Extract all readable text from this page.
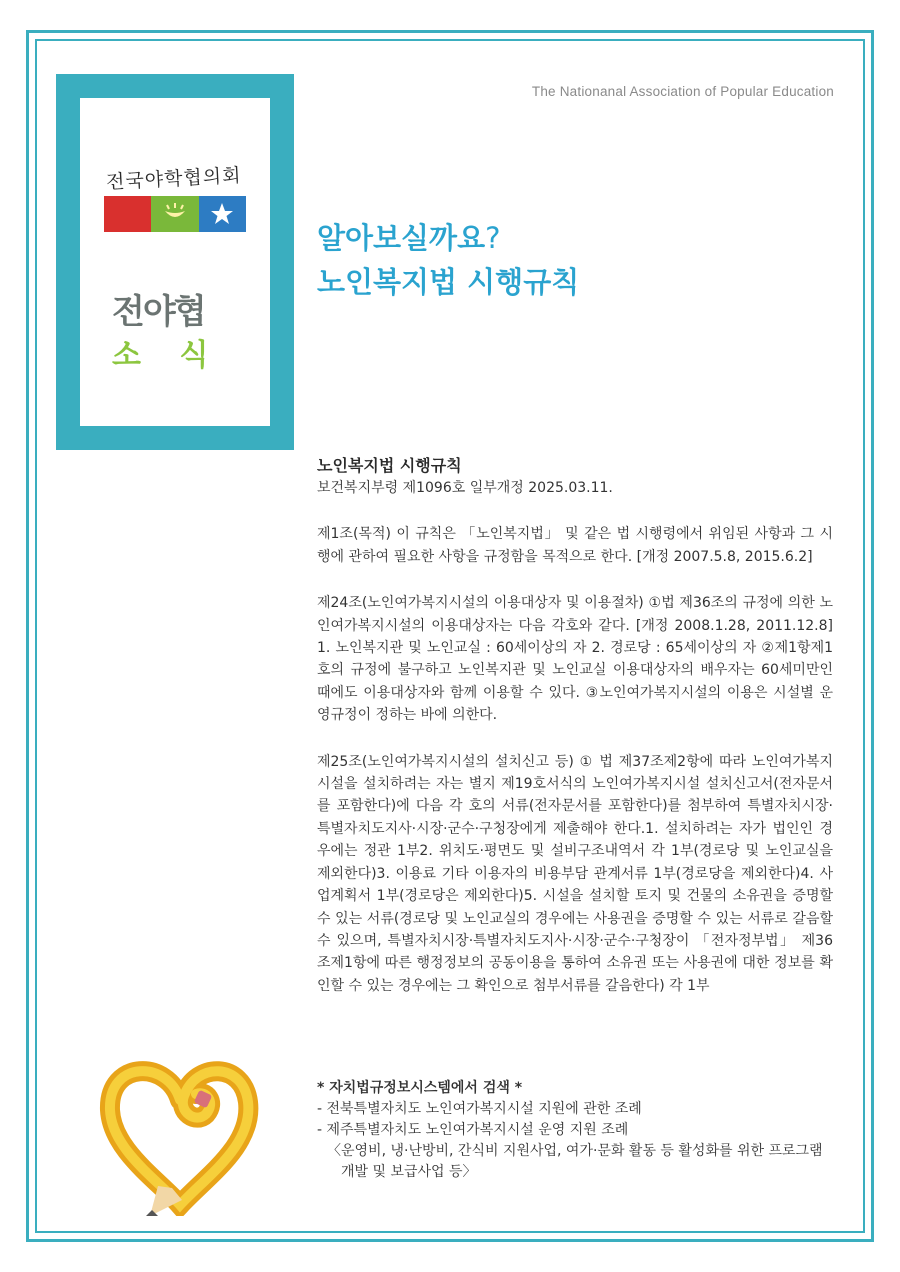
The Nationanal Association of Popular Education
전국야학협의회
전야협
소 식
알아보실까요?
노인복지법 시행규칙
노인복지법 시행규칙

보건복지부령 제1096호 일부개정 2025.03.11.

제1조(목적) 이 규칙은 「노인복지법」 및 같은 법 시행령에서 위임된 사항과 그 시행에 관하여 필요한 사항을 규정함을 목적으로 한다. [개정 2007.5.8, 2015.6.2]

제24조(노인여가복지시설의 이용대상자 및 이용절차) ①법 제36조의 규정에 의한 노인여가복지시설의 이용대상자는 다음 각호와 같다. [개정 2008.1.28, 2011.12.8] 1. 노인복지관 및 노인교실 : 60세이상의 자 2. 경로당 : 65세이상의 자 ②제1항제1호의 규정에 불구하고 노인복지관 및 노인교실 이용대상자의 배우자는 60세미만인 때에도 이용대상자와 함께 이용할 수 있다. ③노인여가복지시설의 이용은 시설별 운영규정이 정하는 바에 의한다.

제25조(노인여가복지시설의 설치신고 등) ① 법 제37조제2항에 따라 노인여가복지시설을 설치하려는 자는 별지 제19호서식의 노인여가복지시설 설치신고서(전자문서를 포함한다)에 다음 각 호의 서류(전자문서를 포함한다)를 첨부하여 특별자치시장·특별자치도지사·시장·군수·구청장에게 제출해야 한다.1. 설치하려는 자가 법인인 경우에는 정관 1부2. 위치도·평면도 및 설비구조내역서 각 1부(경로당 및 노인교실을 제외한다)3. 이용료 기타 이용자의 비용부담 관계서류 1부(경로당을 제외한다)4. 사업계획서 1부(경로당은 제외한다)5. 시설을 설치할 토지 및 건물의 소유권을 증명할 수 있는 서류(경로당 및 노인교실의 경우에는 사용권을 증명할 수 있는 서류로 갈음할 수 있으며, 특별자치시장·특별자치도지사·시장·군수·구청장이 「전자정부법」 제36조제1항에 따른 행정정보의 공동이용을 통하여 소유권 또는 사용권에 대한 정보를 확인할 수 있는 경우에는 그 확인으로 첨부서류를 갈음한다) 각 1부

* 자치법규정보시스템에서 검색 *
- 전북특별자치도 노인여가복지시설 지원에 관한 조례
- 제주특별자치도 노인여가복지시설 운영 지원 조례
〈운영비, 냉·난방비, 간식비 지원사업, 여가·문화 활동 등 활성화를 위한 프로그램
개발 및 보급사업 등〉
